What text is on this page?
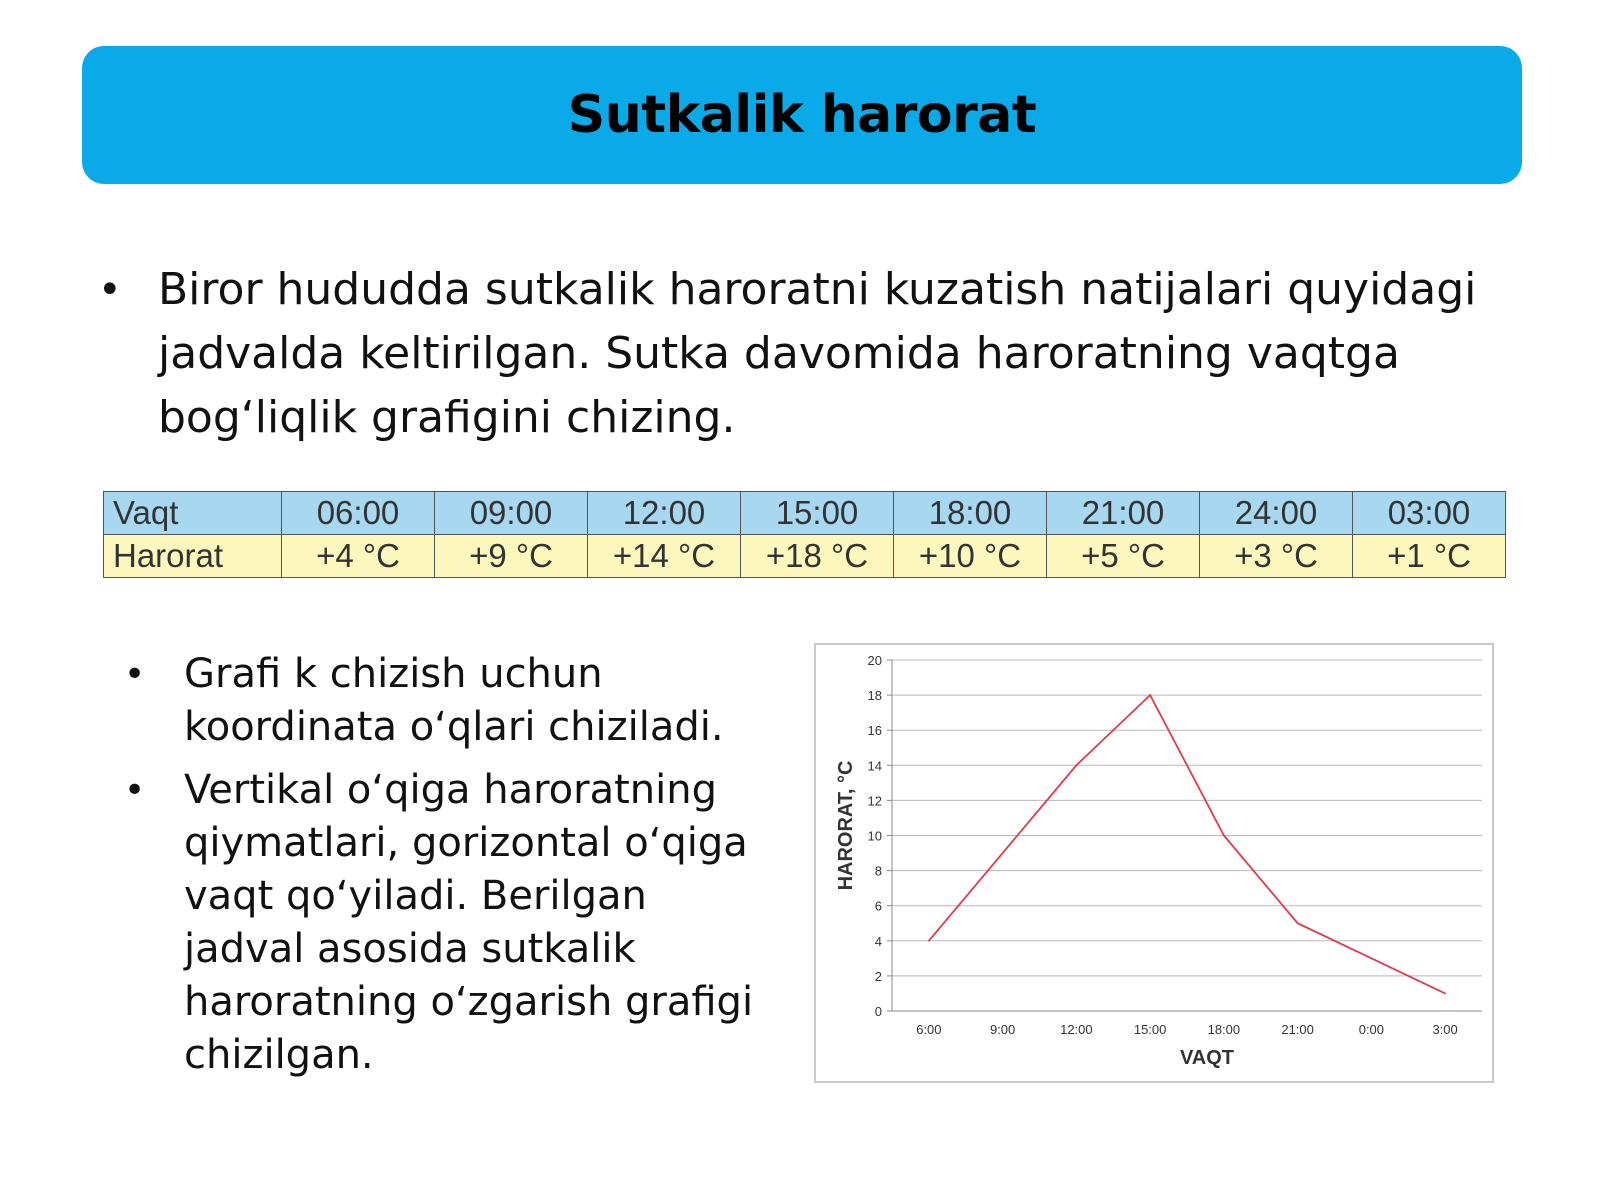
Sutkalik harorat
• Biror hududda sutkalik haroratni kuzatish natijalari quyidagi jadvalda keltirilgan. Sutka davomida haroratning vaqtga bog‘liqlik grafigini chizing.
Vaqt	06:00	09:00	12:00	15:00	18:00	21:00	24:00	03:00
Harorat	+4 °C	+9 °C	+14 °C	+18 °C	+10 °C	+5 °C	+3 °C	+1 °C
• Grafi k chizish uchun koordinata o‘qlari chiziladi.
• Vertikal o‘qiga haroratning qiymatlari, gorizontal o‘qiga vaqt qo‘yiladi. Berilgan jadval asosida sutkalik haroratning o‘zgarish grafigi chizilgan.
0
2
4
6
8
10
12
14
16
18
20
6:00	9:00	12:00	15:00	18:00	21:00	0:00	3:00
VAQT
HARORAT, °C
